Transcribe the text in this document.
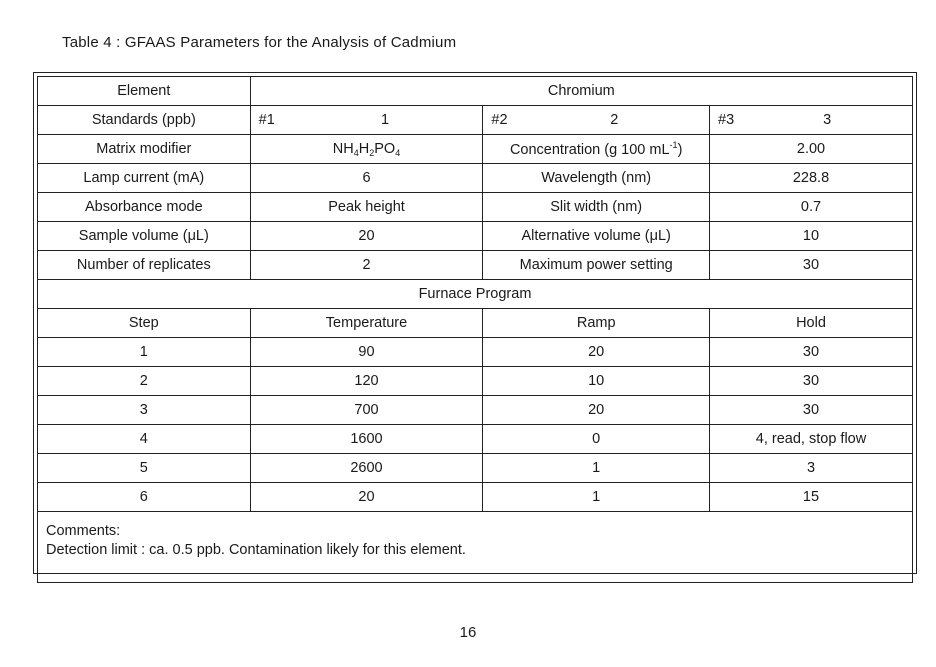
Table 4 : GFAAS Parameters for the Analysis of Cadmium
Element	Chromium		
Standards (ppb)	#1 1	#2 2	#3 3

Matrix modifier	$NH_4H_2PO_4$	Concentration (g 100 $mL^{-1}$)	2.00
Lamp current (mA)	6	Wavelength (nm)	228.8
Absorbance mode	Peak height	Slit width (nm)	0.7
Sample volume (μL)	20	Alternative volume (μL)	10
Number of replicates	2	Maximum power setting	30
Furnace Program			
Step	Temperature	Ramp	Hold
1	90	20	30
2	120	10	30
3	700	20	30
4	1600	0	4, read, stop flow
5	2600	1	3
6	20	1	15

Comments:
Detection limit : ca. 0.5 ppb. Contamination likely for this element.			
16
